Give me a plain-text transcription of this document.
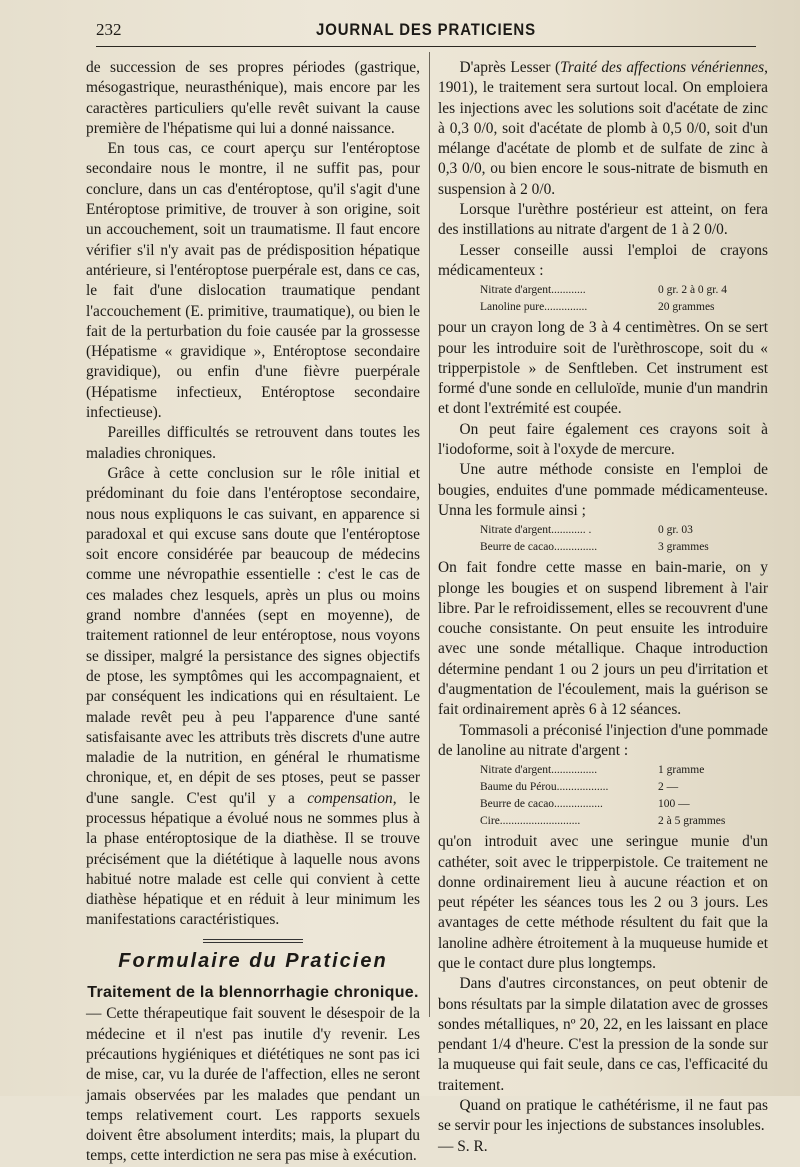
232	JOURNAL DES PRATICIENS

de succession de ses propres périodes (gastrique, mésogastrique, neurasthénique), mais encore par les caractères particuliers qu'elle revêt suivant la cause première de l'hépatisme qui lui a donné naissance.

En tous cas, ce court aperçu sur l'entéroptose secondaire nous le montre, il ne suffit pas, pour conclure, dans un cas d'entéroptose, qu'il s'agit d'une Entéroptose primitive, de trouver à son origine, soit un accouchement, soit un traumatisme. Il faut encore vérifier s'il n'y avait pas de prédisposition hépatique antérieure, si l'entéroptose puerpérale est, dans ce cas, le fait d'une dislocation traumatique pendant l'accouchement (E. primitive, traumatique), ou bien le fait de la perturbation du foie causée par la grossesse (Hépatisme « gravidique », Entéroptose secondaire gravidique), ou enfin d'une fièvre puerpérale (Hépatisme infectieux, Entéroptose secondaire infectieuse).

Pareilles difficultés se retrouvent dans toutes les maladies chroniques.

Grâce à cette conclusion sur le rôle initial et prédominant du foie dans l'entéroptose secondaire, nous nous expliquons le cas suivant, en apparence si paradoxal et qui excuse sans doute que l'entéroptose soit encore considérée par beaucoup de médecins comme une névropathie essentielle : c'est le cas de ces malades chez lesquels, après un plus ou moins grand nombre d'années (sept en moyenne), de traitement rationnel de leur entéroptose, nous voyons se dissiper, malgré la persistance des signes objectifs de ptose, les symptômes qui les accompagnaient, et par conséquent les indications qui en résultaient. Le malade revêt peu à peu l'apparence d'une santé satisfaisante avec les attributs très discrets d'une autre maladie de la nutrition, en général le rhumatisme chronique, et, en dépit de ses ptoses, peut se passer d'une sangle. C'est qu'il y a compensation, le processus hépatique a évolué nous ne sommes plus à la phase entéroptosique de la diathèse. Il se trouve précisément que la diététique à laquelle nous avons habitué notre malade est celle qui convient à cette diathèse hépatique et en réduit à leur minimum les manifestations caractéristiques.

Formulaire du Praticien
Traitement de la blennorrhagie chronique.

— Cette thérapeutique fait souvent le désespoir de la médecine et il n'est pas inutile d'y revenir. Les précautions hygiéniques et diététiques ne sont pas ici de mise, car, vu la durée de l'affection, elles ne seront jamais observées par les malades que pendant un temps relativement court. Les rapports sexuels doivent être absolument interdits; mais, la plupart du temps, cette interdiction ne sera pas mise à exécution.

D'après Lesser (Traité des affections vénériennes, 1901), le traitement sera surtout local. On emploiera les injections avec les solutions soit d'acétate de zinc à 0,3 0/0, soit d'acétate de plomb à 0,5 0/0, soit d'un mélange d'acétate de plomb et de sulfate de zinc à 0,3 0/0, ou bien encore le sous-nitrate de bismuth en suspension à 2 0/0.

Lorsque l'urèthre postérieur est atteint, on fera des instillations au nitrate d'argent de 1 à 2 0/0.

Lesser conseille aussi l'emploi de crayons médicamenteux :

Nitrate d'argent............	0 gr. 2 à 0 gr. 4
Lanoline pure...............	20 grammes

pour un crayon long de 3 à 4 centimètres. On se sert pour les introduire soit de l'urèthroscope, soit du « tripperpistole » de Senftleben. Cet instrument est formé d'une sonde en celluloïde, munie d'un mandrin et dont l'extrémité est coupée.

On peut faire également ces crayons soit à l'iodoforme, soit à l'oxyde de mercure.

Une autre méthode consiste en l'emploi de bougies, enduites d'une pommade médicamenteuse. Unna les formule ainsi ;

Nitrate d'argent............ .	0 gr. 03
Beurre de cacao...............	3 grammes

On fait fondre cette masse en bain-marie, on y plonge les bougies et on suspend librement à l'air libre. Par le refroidissement, elles se recouvrent d'une couche consistante. On peut ensuite les introduire avec une sonde métallique. Chaque introduction détermine pendant 1 ou 2 jours un peu d'irritation et d'augmentation de l'écoulement, mais la guérison se fait ordinairement après 6 à 12 séances.

Tommasoli a préconisé l'injection d'une pommade de lanoline au nitrate d'argent :

Nitrate d'argent................	1 gramme
Baume du Pérou..................	2 —
Beurre de cacao.................	100 —
Cire............................	2 à 5 grammes

qu'on introduit avec une seringue munie d'un cathéter, soit avec le tripperpistole. Ce traitement ne donne ordinairement lieu à aucune réaction et on peut répéter les séances tous les 2 ou 3 jours. Les avantages de cette méthode résultent du fait que la lanoline adhère étroitement à la muqueuse humide et que le contact dure plus longtemps.

Dans d'autres circonstances, on peut obtenir de bons résultats par la simple dilatation avec de grosses sondes métalliques, nº 20, 22, en les laissant en place pendant 1/4 d'heure. C'est la pression de la sonde sur la muqueuse qui fait seule, dans ce cas, l'efficacité du traitement.

Quand on pratique le cathétérisme, il ne faut pas se servir pour les injections de substances insolubles.

— S. R.
